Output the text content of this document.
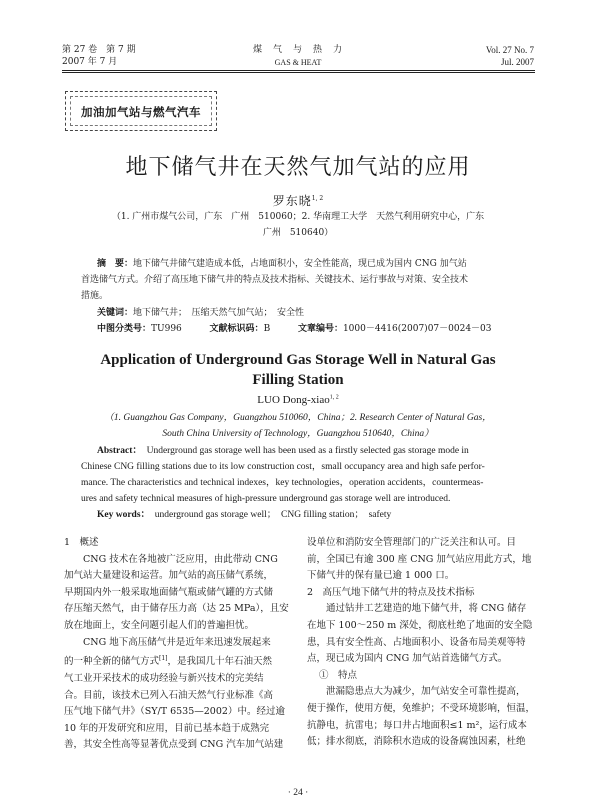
第 27 卷　第 7 期
2007 年 7 月
煤　气　与　热　力
GAS & HEAT
Vol. 27 No. 7
Jul. 2007
加油加气站与燃气汽车
地下储气井在天然气加气站的应用
罗东晓$^{1, 2}$
（1. 广州市煤气公司，广东　广州　510060；2. 华南理工大学　天然气利用研究中心，广东
广州　510640）
摘　要：地下储气井储气建造成本低，占地面积小，安全性能高，现已成为国内 CNG 加气站
首选储气方式。介绍了高压地下储气井的特点及技术指标、关键技术、运行事故与对策、安全技术
措施。
关键词：地下储气井；　压缩天然气加气站；　安全性
中图分类号：TU996	文献标识码：B	文章编号：1000－4416(2007)07－0024－03
Application of Underground Gas Storage Well in Natural Gas
Filling Station
LUO Dong-xiao$^{1, 2}$
（1. Guangzhou Gas Company，Guangzhou 510060，China；2. Research Center of Natural Gas，
South China University of Technology，Guangzhou 510640，China）
Abstract： Underground gas storage well has been used as a firstly selected gas storage mode in
Chinese CNG filling stations due to its low construction cost，small occupancy area and high safe perfor-
mance. The characteristics and technical indexes，key technologies，operation accidents，countermeas-
ures and safety technical measures of high-pressure underground gas storage well are introduced.
Key words： underground gas storage well；　CNG filling station；　safety
1　概述
　　CNG 技术在各地被广泛应用，由此带动 CNG
加气站大量建设和运营。加气站的高压储气系统，
早期国内外一般采取地面储气瓶或储气罐的方式储
存压缩天然气，由于储存压力高（达 25 MPa），且安
放在地面上，安全问题引起人们的普遍担忧。
　　CNG 地下高压储气井是近年来迅速发展起来
的一种全新的储气方式[1]，是我国几十年石油天然
气工业开采技术的成功经验与新兴技术的完美结
合。目前，该技术已列入石油天然气行业标准《高
压气地下储气井》（SY/T 6535—2002）中。经过逾
10 年的开发研究和应用，目前已基本趋于成熟完
善，其安全性高等显著优点受到 CNG 汽车加气站建
设单位和消防安全管理部门的广泛关注和认可。目
前，全国已有逾 300 座 CNG 加气站应用此方式，地
下储气井的保有量已逾 1 000 口。
2　高压气地下储气井的特点及技术指标
　　通过钻井工艺建造的地下储气井，将 CNG 储存
在地下 100～250 m 深处，彻底杜绝了地面的安全隐
患，具有安全性高、占地面积小、设备布局美观等特
点，现已成为国内 CNG 加气站首选储气方式。
①　特点
　　泄漏隐患点大为减少，加气站安全可靠性提高，
便于操作，使用方便，免维护；不受环境影响，恒温，
抗静电，抗雷电；每口井占地面积≤1 m²，运行成本
低；排水彻底，消除积水造成的设备腐蚀因素，杜绝
· 24 ·
